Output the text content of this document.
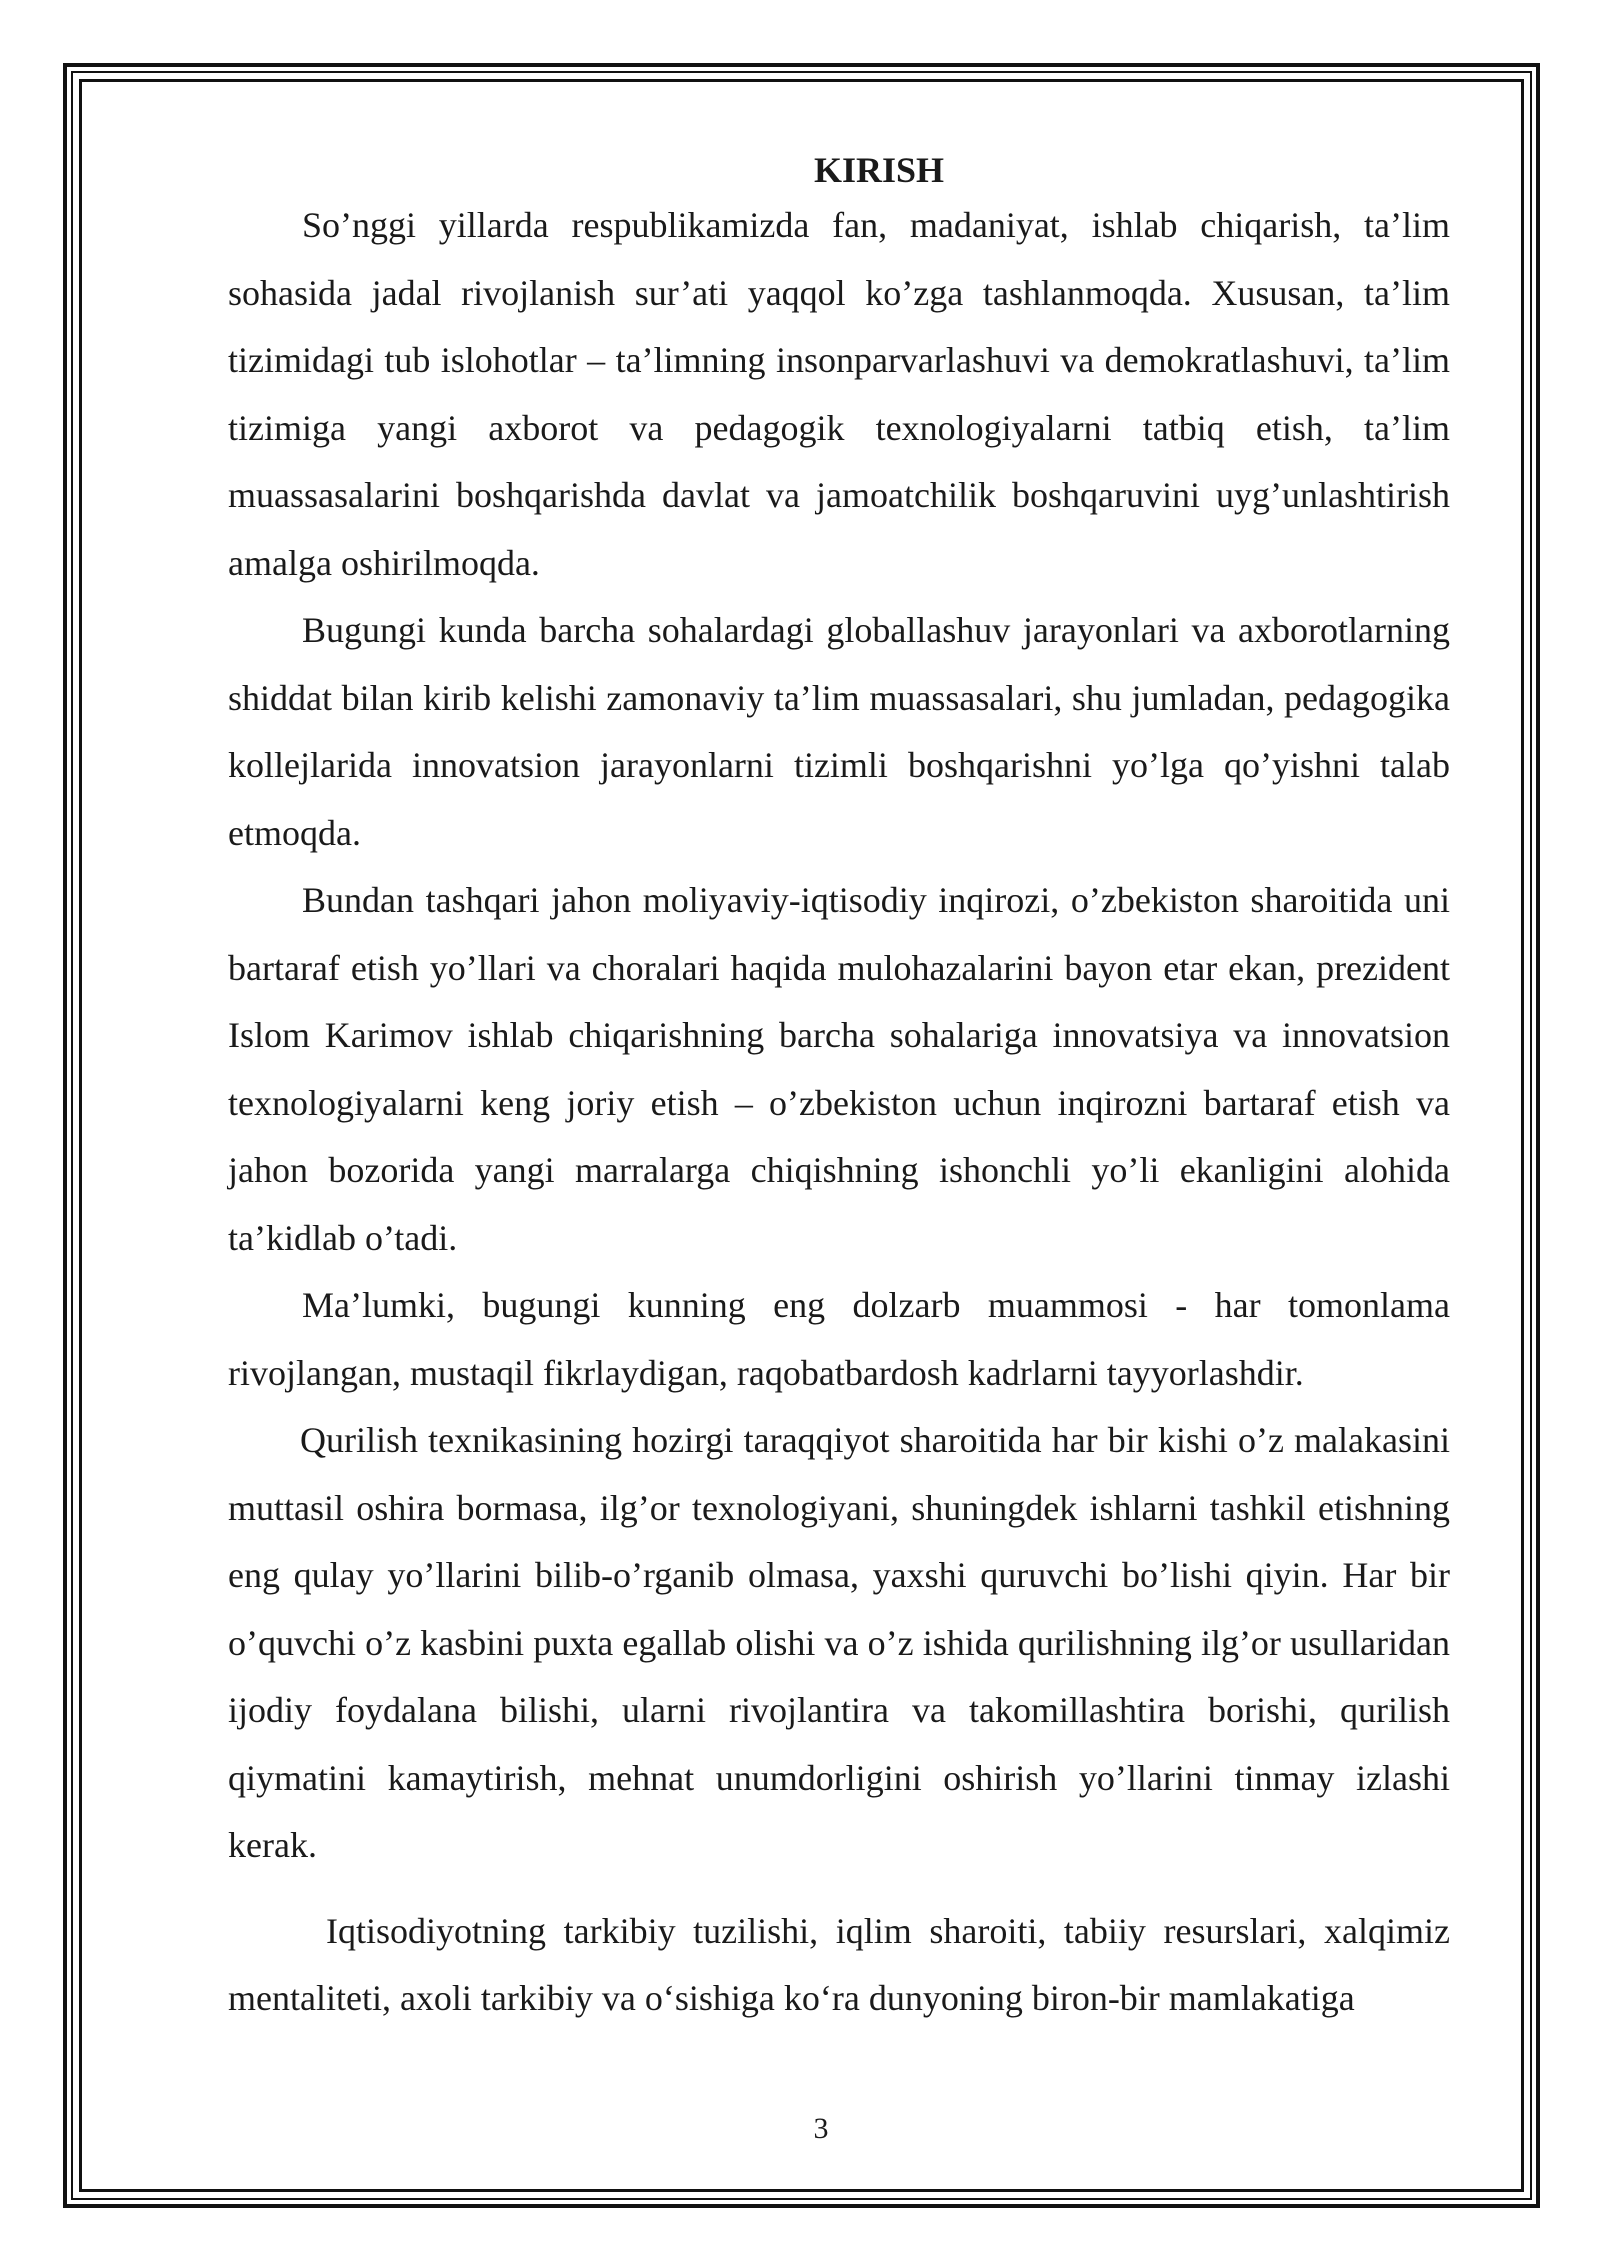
KIRISH

So’nggi yillarda respublikamizda fan, madaniyat, ishlab chiqarish, ta’lim sohasida jadal rivojlanish sur’ati yaqqol ko’zga tashlanmoqda. Xususan, ta’lim tizimidagi tub islohotlar – ta’limning insonparvarlashuvi va demokratlashuvi, ta’lim tizimiga yangi axborot va pedagogik texnologiyalarni tatbiq etish, ta’lim muassasalarini boshqarishda davlat va jamoatchilik boshqaruvini uyg’unlashtirish amalga oshirilmoqda.

Bugungi kunda barcha sohalardagi globallashuv jarayonlari va axborotlarning shiddat bilan kirib kelishi zamonaviy ta’lim muassasalari, shu jumladan, pedagogika kollejlarida innovatsion jarayonlarni tizimli boshqarishni yo’lga qo’yishni talab etmoqda.

Bundan tashqari jahon moliyaviy-iqtisodiy inqirozi, o’zbekiston sharoitida uni bartaraf etish yo’llari va choralari haqida mulohazalarini bayon etar ekan, prezident Islom Karimov ishlab chiqarishning barcha sohalariga innovatsiya va innovatsion texnologiyalarni keng joriy etish – o’zbekiston uchun inqirozni bartaraf etish va jahon bozorida yangi marralarga chiqishning ishonchli yo’li ekanligini alohida ta’kidlab o’tadi.

Ma’lumki, bugungi kunning eng dolzarb muammosi - har tomonlama rivojlangan, mustaqil fikrlaydigan, raqobatbardosh kadrlarni tayyorlashdir.

Qurilish texnikasining hozirgi taraqqiyot sharoitida har bir kishi o’z malakasini muttasil oshira bormasa, ilg’or texnologiyani, shuningdek ishlarni tashkil etishning eng qulay yo’llarini bilib-o’rganib olmasa, yaxshi quruvchi bo’lishi qiyin. Har bir o’quvchi o’z kasbini puxta egallab olishi va o’z ishida qurilishning ilg’or usullaridan ijodiy foydalana bilishi, ularni rivojlantira va takomillashtira borishi, qurilish qiymatini kamaytirish, mehnat unumdorligini oshirish yo’llarini tinmay izlashi kerak.

Iqtisodiyotning tarkibiy tuzilishi, iqlim sharoiti, tabiiy resurslari, xalqimiz mentaliteti, axoli tarkibiy va o‘sishiga ko‘ra dunyoning biron-bir mamlakatiga

3
